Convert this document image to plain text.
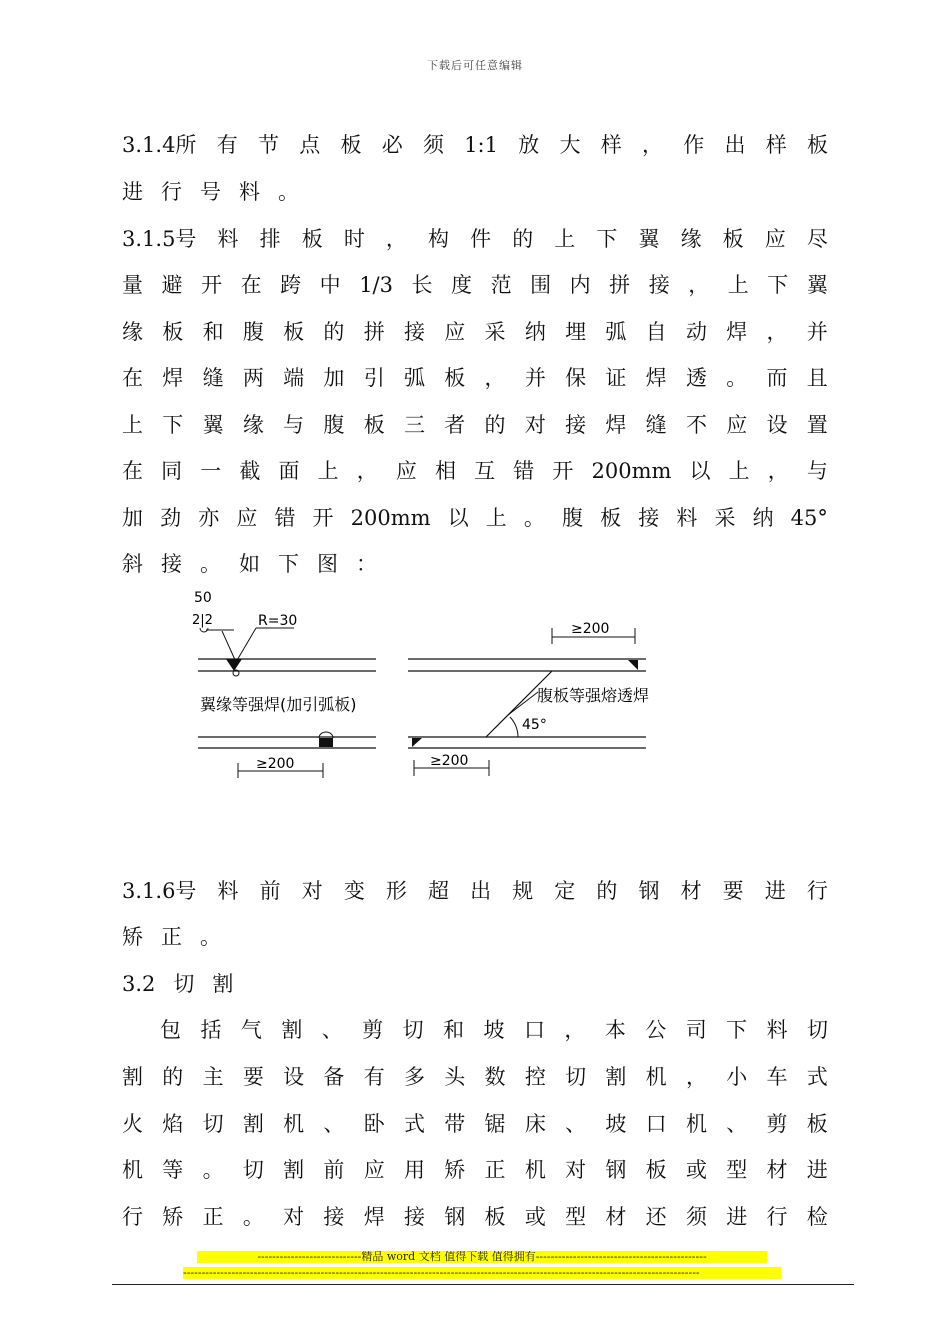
下载后可任意编辑
3.1.4所 有 节 点 板 必 须 1:1 放 大 样 ， 作 出 样 板
进 行 号 料 。
3.1.5号 料 排 板 时 ， 构 件 的 上 下 翼 缘 板 应 尽
量 避 开 在 跨 中 1/3 长 度 范 围 内 拼 接 ， 上 下 翼
缘 板 和 腹 板 的 拼 接 应 采 纳 埋 弧 自 动 焊 ， 并
在 焊 缝 两 端 加 引 弧 板 ， 并 保 证 焊 透 。 而 且
上 下 翼 缘 与 腹 板 三 者 的 对 接 焊 缝 不 应 设 置
在 同 一 截 面 上 ， 应 相 互 错 开 200mm 以 上 ， 与
加 劲 亦 应 错 开 200mm 以 上 。 腹 板 接 料 采 纳 45°
斜 接 。 如 下 图 ：
3.1.6号 料 前 对 变 形 超 出 规 定 的 钢 材 要 进 行
矫 正 。
3.2 切 割
包 括 气 割 、 剪 切 和 坡 口 ， 本 公 司 下 料 切
割 的 主 要 设 备 有 多 头 数 控 切 割 机 ， 小 车 式
火 焰 切 割 机 、 卧 式 带 锯 床 、 坡 口 机 、 剪 板
机 等 。 切 割 前 应 用 矫 正 机 对 钢 板 或 型 材 进
行 矫 正 。 对 接 焊 接 钢 板 或 型 材 还 须 进 行 检
50
2|2	R=30
翼缘等强焊(加引弧板)
≥200
≥200
腹板等强熔透焊
45°
≥200
----------------------------精品 word 文档 值得下载 值得拥有----------------------------------------------
-------------------------------------------------------------------------------------------------------------------------------------------
